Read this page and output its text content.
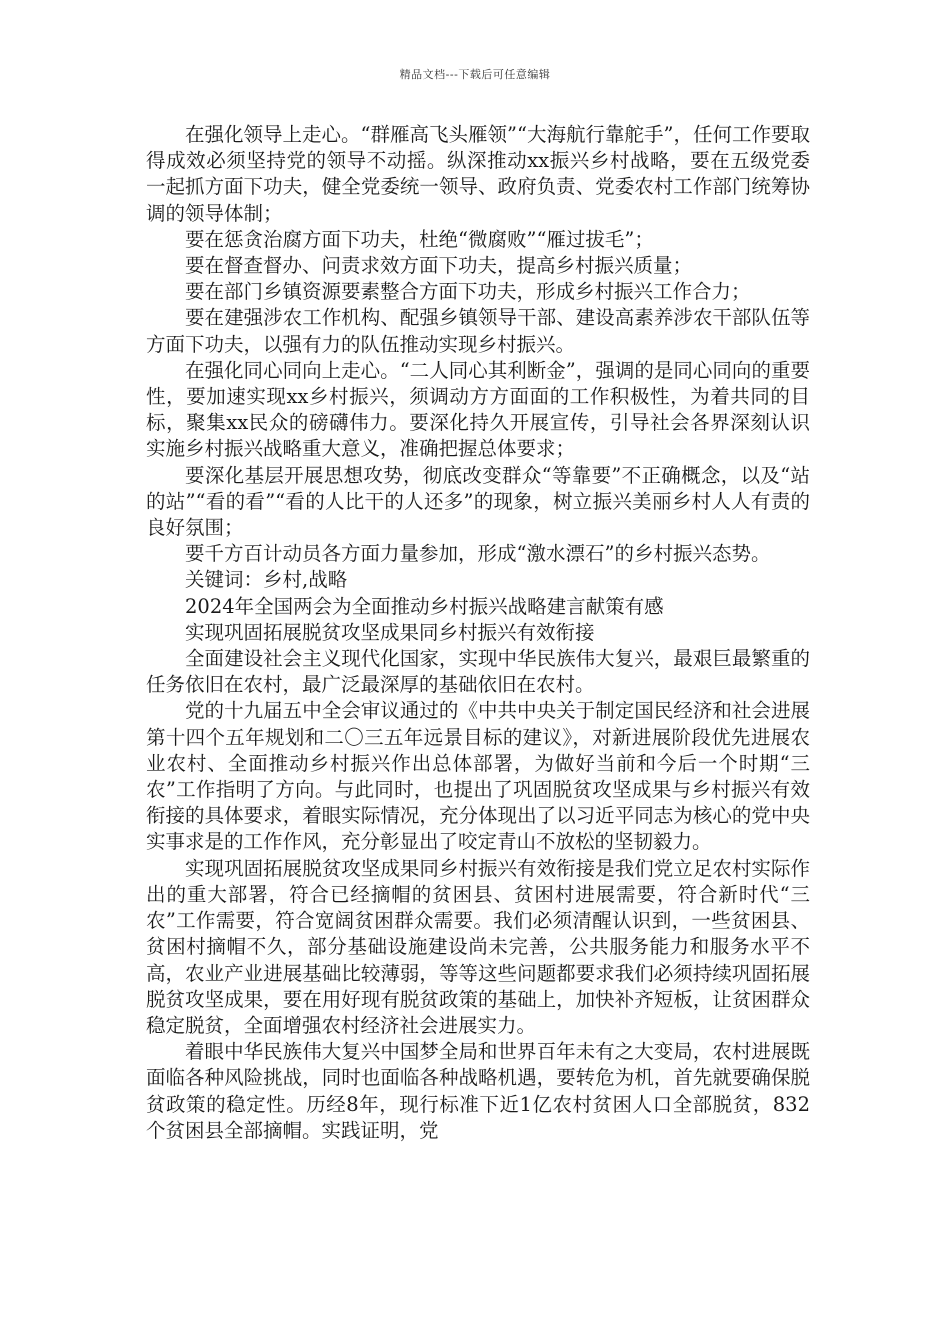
精品文档---下载后可任意编辑

在强化领导上走心。“群雁高飞头雁领”“大海航行靠舵手”，任何工作要取得成效必须坚持党的领导不动摇。纵深推动xx振兴乡村战略，要在五级党委一起抓方面下功夫，健全党委统一领导、政府负责、党委农村工作部门统筹协调的领导体制；

要在惩贪治腐方面下功夫，杜绝“微腐败”“雁过拔毛”；

要在督查督办、问责求效方面下功夫，提高乡村振兴质量；

要在部门乡镇资源要素整合方面下功夫，形成乡村振兴工作合力；

要在建强涉农工作机构、配强乡镇领导干部、建设高素养涉农干部队伍等方面下功夫，以强有力的队伍推动实现乡村振兴。

在强化同心同向上走心。“二人同心其利断金”，强调的是同心同向的重要性，要加速实现xx乡村振兴，须调动方方面面的工作积极性，为着共同的目标，聚集xx民众的磅礴伟力。要深化持久开展宣传，引导社会各界深刻认识实施乡村振兴战略重大意义，准确把握总体要求；

要深化基层开展思想攻势，彻底改变群众“等靠要”不正确概念，以及“站的站”“看的看”“看的人比干的人还多”的现象，树立振兴美丽乡村人人有责的良好氛围；

要千方百计动员各方面力量参加，形成“激水漂石”的乡村振兴态势。

关键词：乡村,战略

2024年全国两会为全面推动乡村振兴战略建言献策有感

实现巩固拓展脱贫攻坚成果同乡村振兴有效衔接

全面建设社会主义现代化国家，实现中华民族伟大复兴，最艰巨最繁重的任务依旧在农村，最广泛最深厚的基础依旧在农村。

党的十九届五中全会审议通过的《中共中央关于制定国民经济和社会进展第十四个五年规划和二〇三五年远景目标的建议》，对新进展阶段优先进展农业农村、全面推动乡村振兴作出总体部署，为做好当前和今后一个时期“三农”工作指明了方向。与此同时，也提出了巩固脱贫攻坚成果与乡村振兴有效衔接的具体要求，着眼实际情况，充分体现出了以习近平同志为核心的党中央实事求是的工作作风，充分彰显出了咬定青山不放松的坚韧毅力。

实现巩固拓展脱贫攻坚成果同乡村振兴有效衔接是我们党立足农村实际作出的重大部署，符合已经摘帽的贫困县、贫困村进展需要，符合新时代“三农”工作需要，符合宽阔贫困群众需要。我们必须清醒认识到，一些贫困县、贫困村摘帽不久，部分基础设施建设尚未完善，公共服务能力和服务水平不高，农业产业进展基础比较薄弱，等等这些问题都要求我们必须持续巩固拓展脱贫攻坚成果，要在用好现有脱贫政策的基础上，加快补齐短板，让贫困群众稳定脱贫，全面增强农村经济社会进展实力。

着眼中华民族伟大复兴中国梦全局和世界百年未有之大变局，农村进展既面临各种风险挑战，同时也面临各种战略机遇，要转危为机，首先就要确保脱贫政策的稳定性。历经8年，现行标准下近1亿农村贫困人口全部脱贫，832个贫困县全部摘帽。实践证明，党
